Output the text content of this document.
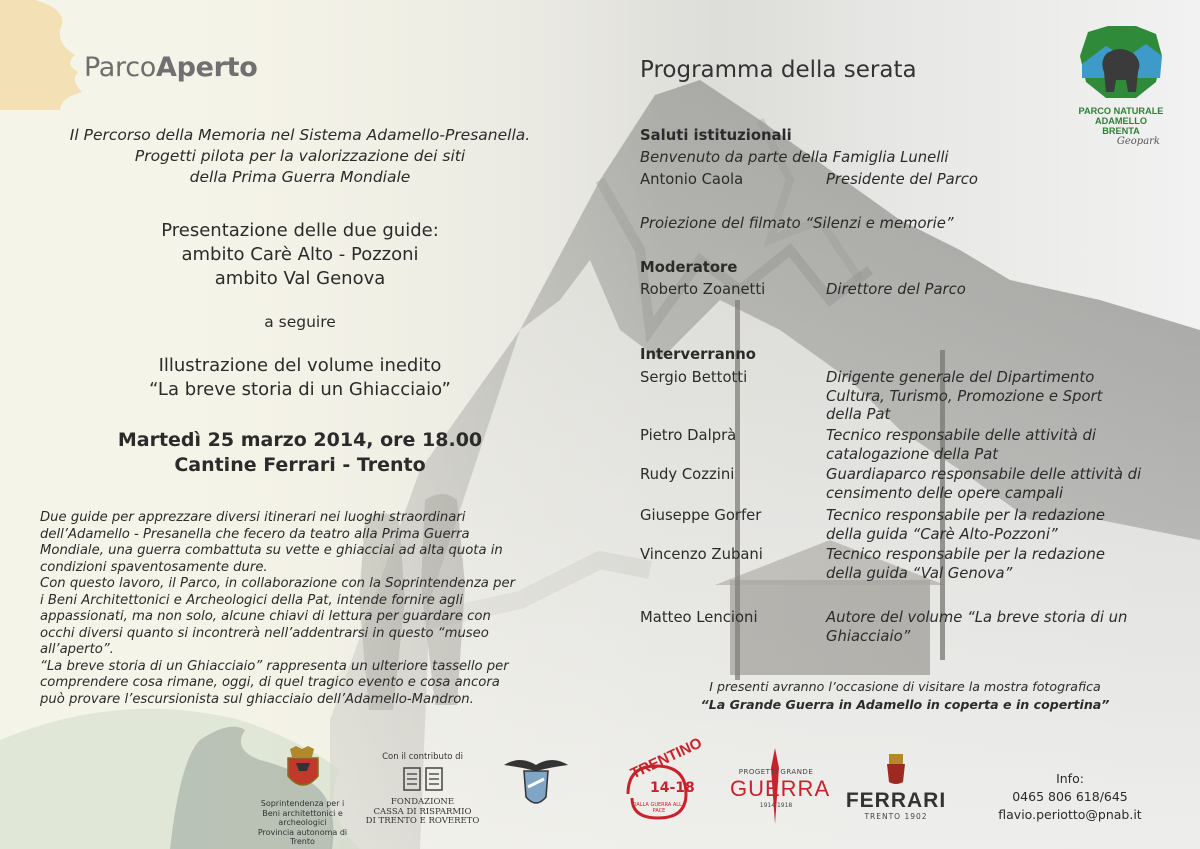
ParcoAperto
PARCO NATURALE
ADAMELLO BRENTA
Geopark
Il Percorso della Memoria nel Sistema Adamello-Presanella.
Progetti pilota per la valorizzazione dei siti
della Prima Guerra Mondiale
Presentazione delle due guide:
ambito Carè Alto - Pozzoni
ambito Val Genova
a seguire
Illustrazione del volume inedito
“La breve storia di un Ghiacciaio”
Martedì 25 marzo 2014, ore 18.00
Cantine Ferrari - Trento
Due guide per apprezzare diversi itinerari nei luoghi straordinari
dell’Adamello - Presanella che fecero da teatro alla Prima Guerra
Mondiale, una guerra combattuta su vette e ghiacciai ad alta quota in
condizioni spaventosamente dure.
Con questo lavoro, il Parco, in collaborazione con la Soprintendenza per
i Beni Architettonici e Archeologici della Pat, intende fornire agli
appassionati, ma non solo, alcune chiavi di lettura per guardare con
occhi diversi quanto si incontrerà nell’addentrarsi in questo “museo
all’aperto”.
“La breve storia di un Ghiacciaio” rappresenta un ulteriore tassello per
comprendere cosa rimane, oggi, di quel tragico evento e cosa ancora
può provare l’escursionista sul ghiacciaio dell’Adamello-Mandron.
Programma della serata
Saluti istituzionali
Benvenuto da parte della Famiglia Lunelli
Antonio Caola	Presidente del Parco
Proiezione del filmato “Silenzi e memorie”
Moderatore
Roberto Zoanetti	Direttore del Parco
Interverranno
Sergio Bettotti	Dirigente generale del Dipartimento
Cultura, Turismo, Promozione e Sport
della Pat
Pietro Dalprà	Tecnico responsabile delle attività di
catalogazione della Pat
Rudy Cozzini	Guardiaparco responsabile delle attività di
censimento delle opere campali
Giuseppe Gorfer	Tecnico responsabile per la redazione
della guida “Carè Alto-Pozzoni”
Vincenzo Zubani	Tecnico responsabile per la redazione
della guida “Val Genova”
Matteo Lencioni	Autore del volume “La breve storia di un
Ghiacciaio”
I presenti avranno l’occasione di visitare la mostra fotografica
“La Grande Guerra in Adamello in coperta e in copertina”
Soprintendenza per i
Beni architettonici e archeologici
Provincia autonoma di Trento
Con il contributo di
FONDAZIONE
CASSA DI RISPARMIO
DI TRENTO E ROVERETO
TRENTINO
14-18
DALLA GUERRA ALLA PACE
PROGETTI GRANDE
GUERRA
1914 1918	FERRARI
TRENTO 1902
Info:
0465 806 618/645
flavio.periotto@pnab.it
